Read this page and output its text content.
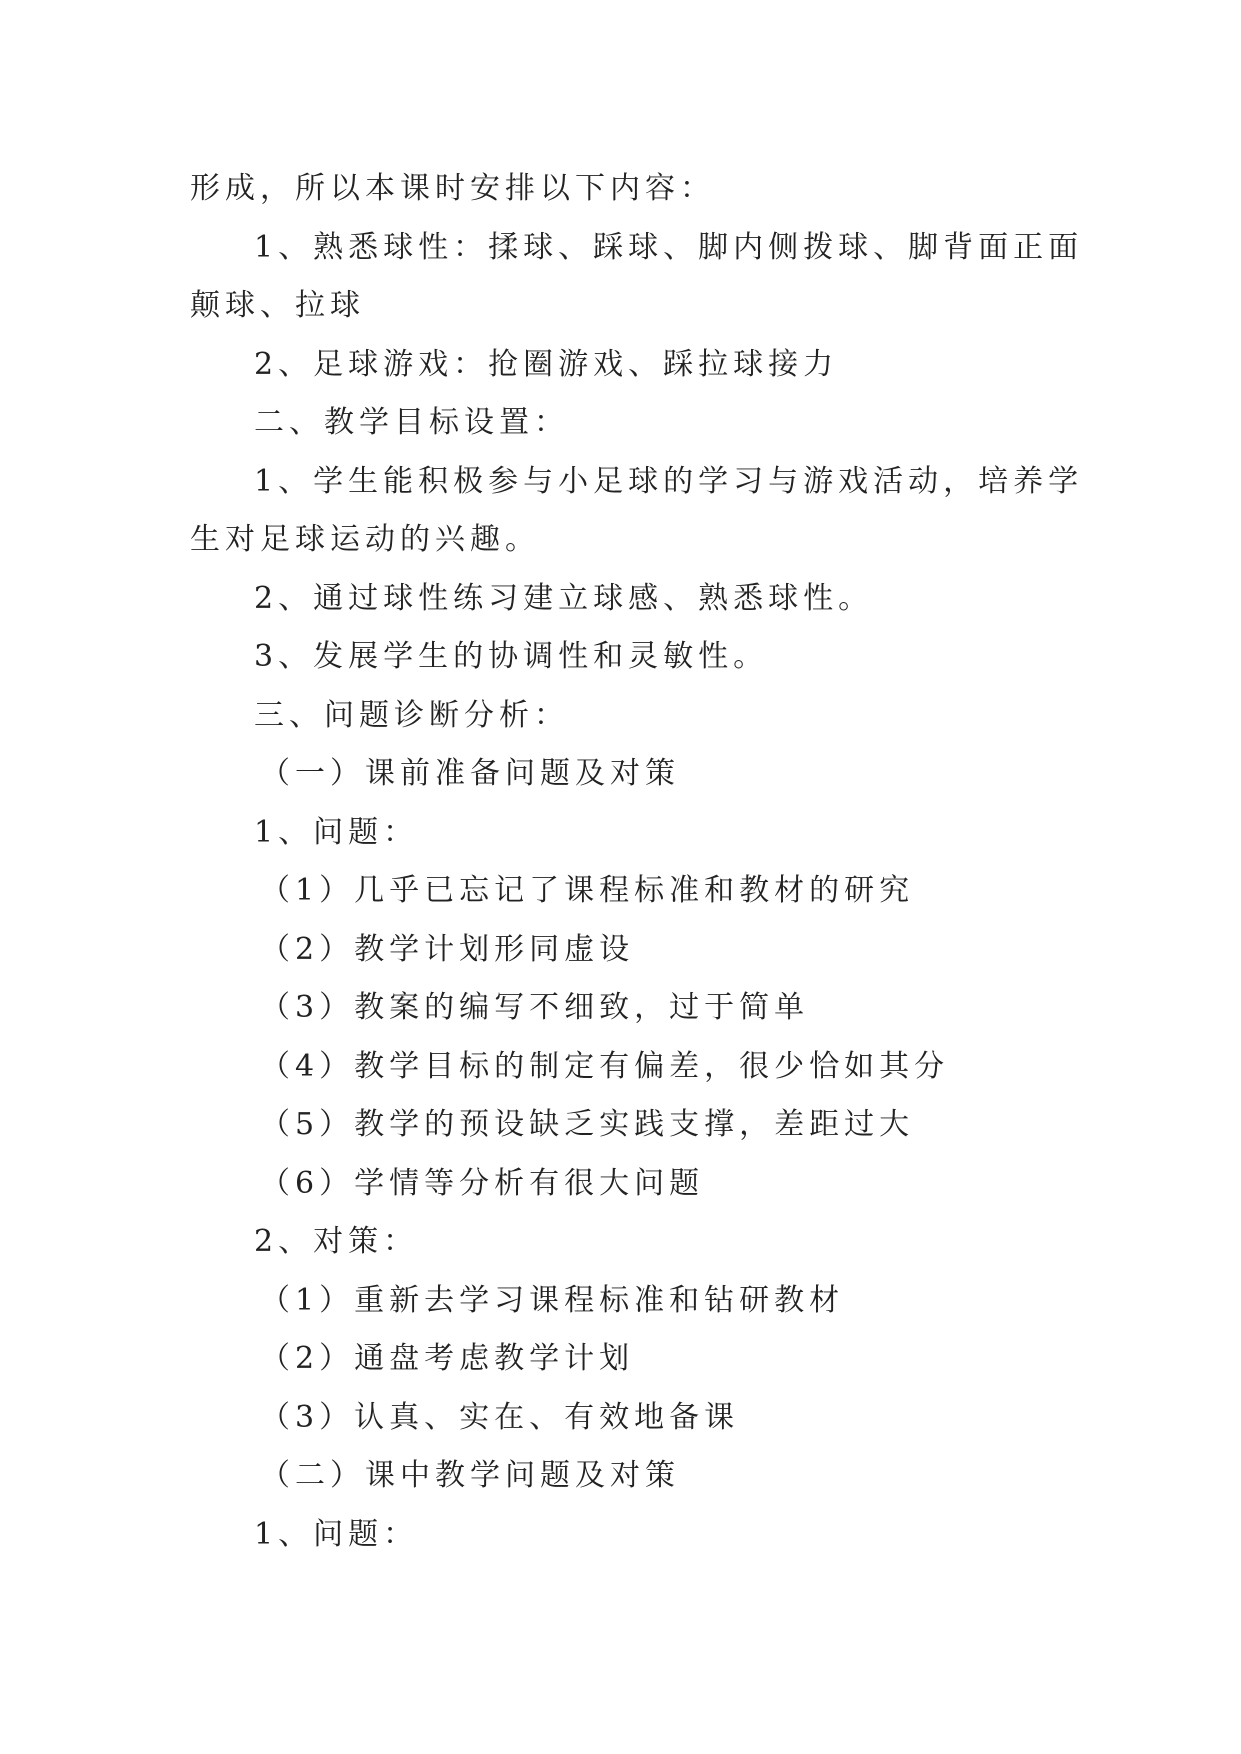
形成，所以本课时安排以下内容：
1、熟悉球性：揉球、踩球、脚内侧拨球、脚背面正面
颠球、拉球
2、足球游戏：抢圈游戏、踩拉球接力
二、教学目标设置：
1、学生能积极参与小足球的学习与游戏活动，培养学
生对足球运动的兴趣。
2、通过球性练习建立球感、熟悉球性。
3、发展学生的协调性和灵敏性。
三、问题诊断分析：
（一）课前准备问题及对策
1、问题：
（1）几乎已忘记了课程标准和教材的研究
（2）教学计划形同虚设
（3）教案的编写不细致，过于简单
（4）教学目标的制定有偏差，很少恰如其分
（5）教学的预设缺乏实践支撑，差距过大
（6）学情等分析有很大问题
2、对策：
（1）重新去学习课程标准和钻研教材
（2）通盘考虑教学计划
（3）认真、实在、有效地备课
（二）课中教学问题及对策
1、问题：
